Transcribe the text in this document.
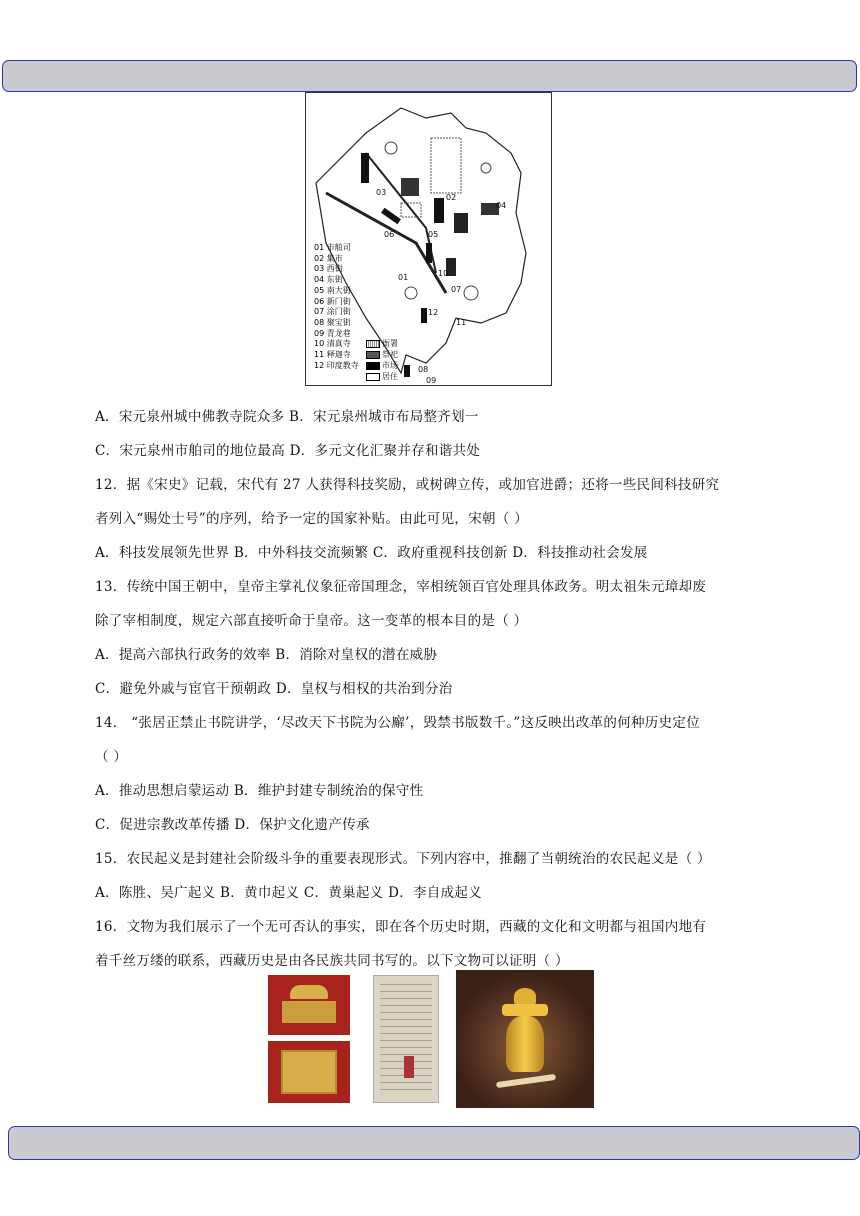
01 市舶司
02 集市
03 西街
04 东街
05 南大街
06 新门街
07 涂门街
08 聚宝街
09 青龙巷
10 清真寺
11 释迦寺
12 印度教寺
衙署
祭祀
市场
居住
03
02
04
06	05
01	10
07
12
11
08
09
A．宋元泉州城中佛教寺院众多 B．宋元泉州城市布局整齐划一
C．宋元泉州市舶司的地位最高 D．多元文化汇聚并存和谐共处
12．据《宋史》记载，宋代有 27 人获得科技奖励，或树碑立传，或加官进爵；还将一些民间科技研究
者列入“赐处士号”的序列，给予一定的国家补贴。由此可见，宋朝（ ）
A．科技发展领先世界 B．中外科技交流频繁 C．政府重视科技创新 D．科技推动社会发展
13．传统中国王朝中，皇帝主掌礼仪象征帝国理念，宰相统领百官处理具体政务。明太祖朱元璋却废
除了宰相制度，规定六部直接听命于皇帝。这一变革的根本目的是（ ）
A．提高六部执行政务的效率 B．消除对皇权的潜在威胁
C．避免外戚与宦官干预朝政 D．皇权与相权的共治到分治
14． “张居正禁止书院讲学，‘尽改天下书院为公廨’，毁禁书版数千。”这反映出改革的何种历史定位
（ ）
A．推动思想启蒙运动 B．维护封建专制统治的保守性
C．促进宗教改革传播 D．保护文化遗产传承
15．农民起义是封建社会阶级斗争的重要表现形式。下列内容中，推翻了当朝统治的农民起义是（ ）
A．陈胜、吴广起义 B．黄巾起义 C．黄巢起义 D．李自成起义
16．文物为我们展示了一个无可否认的事实，即在各个历史时期，西藏的文化和文明都与祖国内地有
着千丝万缕的联系，西藏历史是由各民族共同书写的。以下文物可以证明（ ）
